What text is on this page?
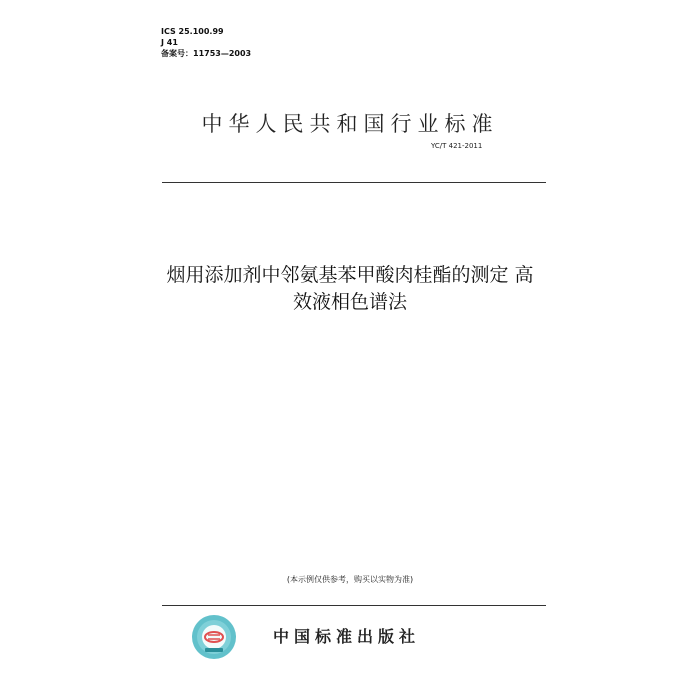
ICS 25.100.99
J 41
备案号：11753—2003
中华人民共和国行业标准
YC/T 421-2011
烟用添加剂中邻氨基苯甲酸肉桂酯的测定 高
效液相色谱法
(本示例仅供参考，购买以实物为准)
中国标准出版社
